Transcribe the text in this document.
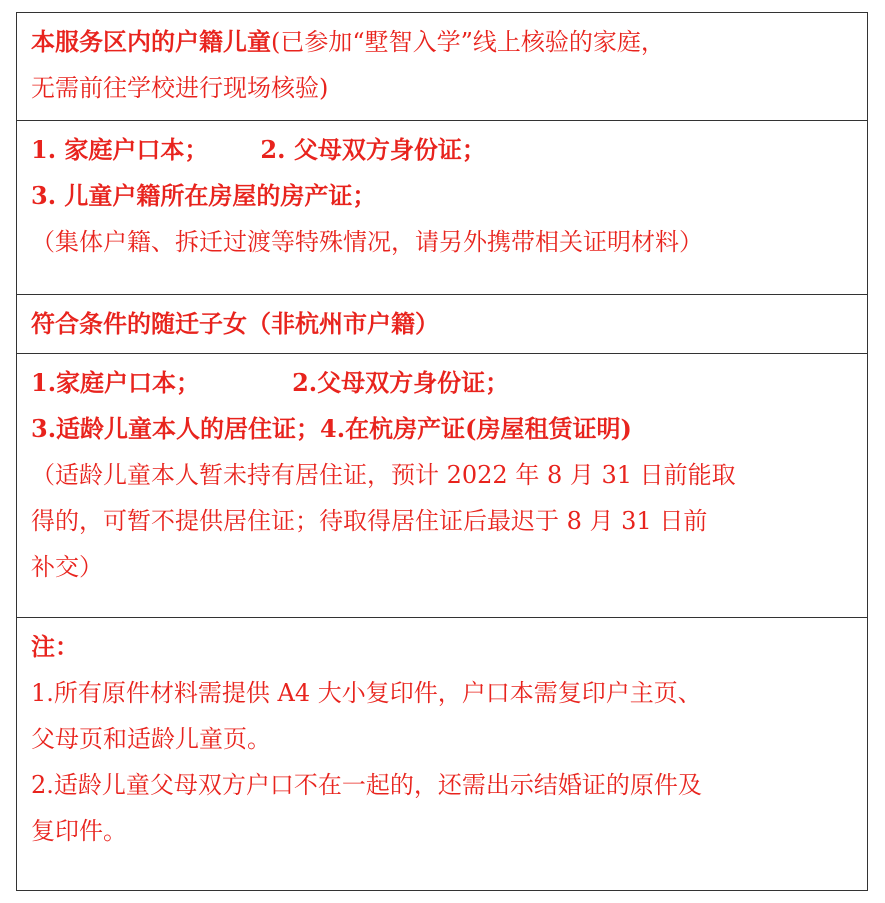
本服务区内的户籍儿童(已参加“墅智入学”线上核验的家庭，
无需前往学校进行现场核验)
1. 家庭户口本； 2. 父母双方身份证；
3. 儿童户籍所在房屋的房产证；
（集体户籍、拆迁过渡等特殊情况，请另外携带相关证明材料）
符合条件的随迁子女（非杭州市户籍）
1.家庭户口本；	2.父母双方身份证；
3.适龄儿童本人的居住证；4.在杭房产证(房屋租赁证明)
（适龄儿童本人暂未持有居住证，预计 2022 年 8 月 31 日前能取
得的，可暂不提供居住证；待取得居住证后最迟于 8 月 31 日前
补交）
注：
1.所有原件材料需提供 A4 大小复印件，户口本需复印户主页、
父母页和适龄儿童页。
2.适龄儿童父母双方户口不在一起的，还需出示结婚证的原件及
复印件。
